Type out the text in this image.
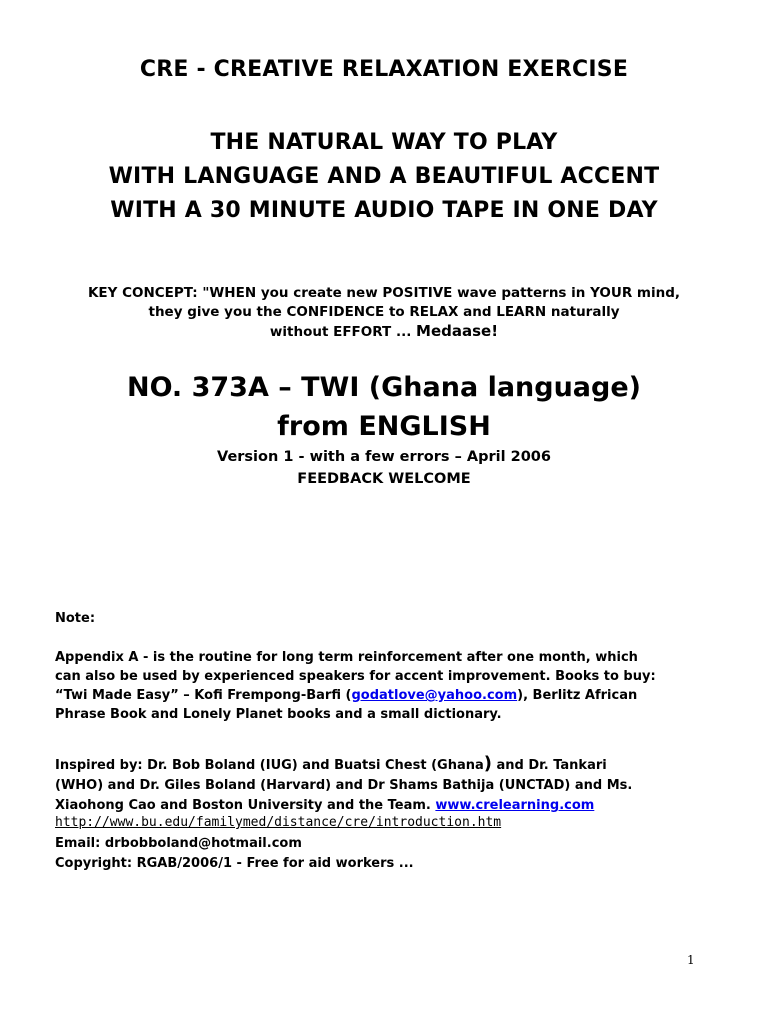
CRE - CREATIVE RELAXATION EXERCISE
THE NATURAL WAY TO PLAY
WITH LANGUAGE AND A BEAUTIFUL ACCENT
WITH A 30 MINUTE AUDIO TAPE IN ONE DAY
KEY CONCEPT: "WHEN you create new POSITIVE wave patterns in YOUR mind,
they give you the CONFIDENCE to RELAX and LEARN naturally
without EFFORT ... Medaase!
NO. 373A – TWI (Ghana language)
from ENGLISH
Version 1 - with a few errors – April 2006
FEEDBACK WELCOME
Note:
Appendix A - is the routine for long term reinforcement after one month, which
can also be used by experienced speakers for accent improvement. Books to buy:
“Twi Made Easy” – Kofi Frempong-Barfi (godatlove@yahoo.com), Berlitz African
Phrase Book and Lonely Planet books and a small dictionary.
Inspired by: Dr. Bob Boland (IUG) and Buatsi Chest (Ghana) and Dr. Tankari
(WHO) and Dr. Giles Boland (Harvard) and Dr Shams Bathija (UNCTAD) and Ms.
Xiaohong Cao and Boston University and the Team. www.crelearning.com
http://www.bu.edu/familymed/distance/cre/introduction.htm
Email: drbobboland@hotmail.com
Copyright: RGAB/2006/1 - Free for aid workers ...
1
